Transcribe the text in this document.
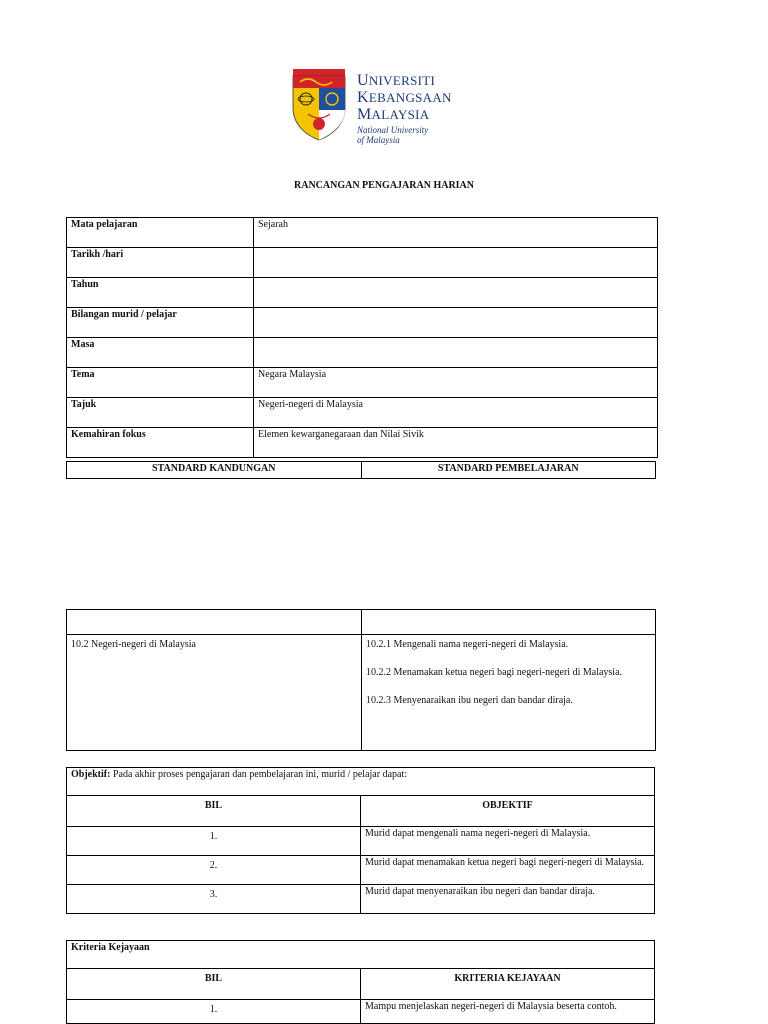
UNIVERSITI
KEBANGSAAN
MALAYSIA
National University
of Malaysia
RANCANGAN PENGAJARAN HARIAN
Mata pelajaran	Sejarah
Tarikh /hari	
Tahun	
Bilangan murid / pelajar	
Masa	
Tema	Negara Malaysia
Tajuk	Negeri-negeri di Malaysia
Kemahiran fokus	Elemen kewarganegaraan dan Nilai Sivik
STANDARD KANDUNGAN	STANDARD PEMBELAJARAN

10.2 Negeri-negeri di Malaysia	10.2.1 Mengenali nama negeri-negeri di Malaysia.

10.2.2 Menamakan ketua negeri bagi negeri-negeri di Malaysia.

10.2.3 Menyenaraikan ibu negeri dan bandar diraja.

Objektif: Pada akhir proses pengajaran dan pembelajaran ini, murid / pelajar dapat:	
BIL	OBJEKTIF
1.	Murid dapat mengenali nama negeri-negeri di Malaysia.
2.	Murid dapat menamakan ketua negeri bagi negeri-negeri di Malaysia.
3.	Murid dapat menyenaraikan ibu negeri dan bandar diraja.
Kriteria Kejayaan	
BIL	KRITERIA KEJAYAAN
1.	Mampu menjelaskan negeri-negeri di Malaysia beserta contoh.
